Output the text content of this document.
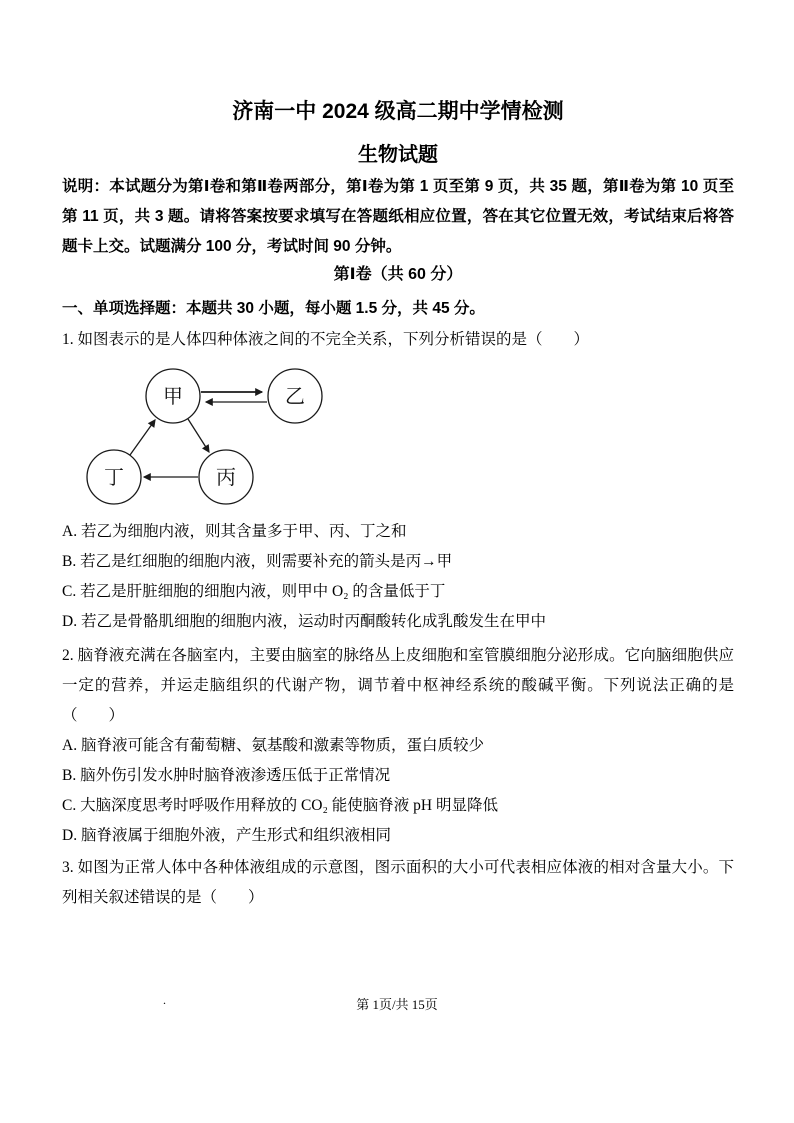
济南一中 2024 级高二期中学情检测
生物试题

说明：本试题分为第Ⅰ卷和第Ⅱ卷两部分，第Ⅰ卷为第 1 页至第 9 页，共 35 题，第Ⅱ卷为第 10 页至第 11 页，共 3 题。请将答案按要求填写在答题纸相应位置，答在其它位置无效，考试结束后将答题卡上交。试题满分 100 分，考试时间 90 分钟。

第Ⅰ卷（共 60 分）
一、单项选择题：本题共 30 小题，每小题 1.5 分，共 45 分。

1. 如图表示的是人体四种体液之间的不完全关系，下列分析错误的是（　　）

甲	乙
丁	丙

A. 若乙为细胞内液，则其含量多于甲、丙、丁之和

B. 若乙是红细胞的细胞内液，则需要补充的箭头是丙→甲

C. 若乙是肝脏细胞的细胞内液，则甲中 O₂ 的含量低于丁

D. 若乙是骨骼肌细胞的细胞内液，运动时丙酮酸转化成乳酸发生在甲中

2. 脑脊液充满在各脑室内，主要由脑室的脉络丛上皮细胞和室管膜细胞分泌形成。它向脑细胞供应一定的营养，并运走脑组织的代谢产物，调节着中枢神经系统的酸碱平衡。下列说法正确的是（　　）

A. 脑脊液可能含有葡萄糖、氨基酸和激素等物质，蛋白质较少

B. 脑外伤引发水肿时脑脊液渗透压低于正常情况

C. 大脑深度思考时呼吸作用释放的 CO₂ 能使脑脊液 pH 明显降低

D. 脑脊液属于细胞外液，产生形式和组织液相同

3. 如图为正常人体中各种体液组成的示意图，图示面积的大小可代表相应体液的相对含量大小。下列相关叙述错误的是（　　）

.	第 1页/共 15页
